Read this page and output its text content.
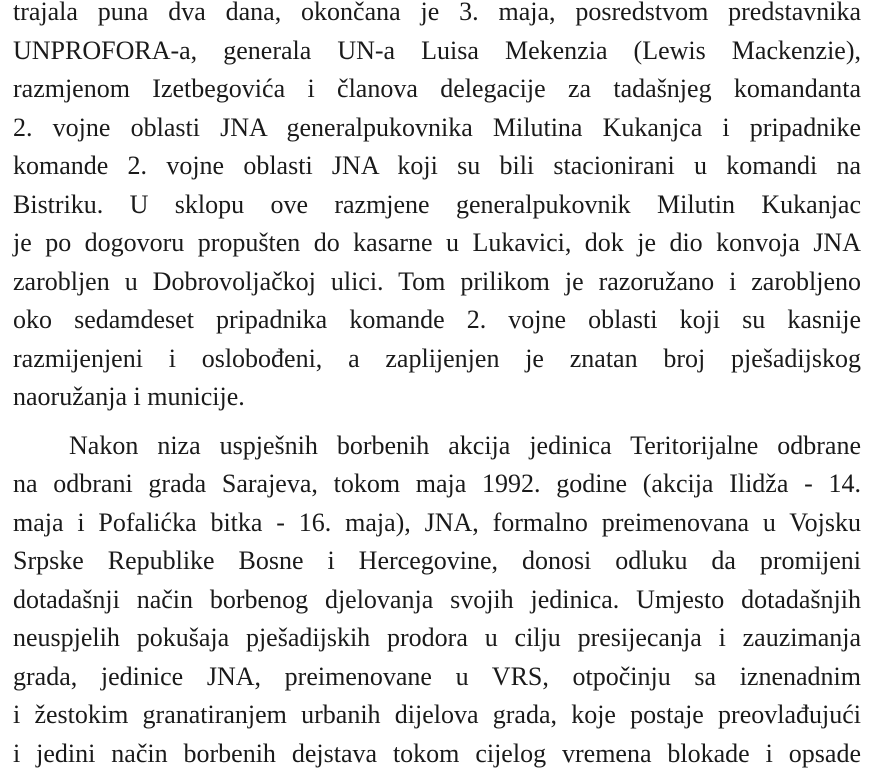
trajala puna dva dana, okončana je 3. maja, posredstvom predstavnika
UNPROFORA-a, generala UN-a Luisa Mekenzia (Lewis Mackenzie),
razmjenom Izetbegovića i članova delegacije za tadašnjeg komandanta
2. vojne oblasti JNA generalpukovnika Milutina Kukanjca i pripadnike
komande 2. vojne oblasti JNA koji su bili stacionirani u komandi na
Bistriku. U sklopu ove razmjene generalpukovnik Milutin Kukanjac
je po dogovoru propušten do kasarne u Lukavici, dok je dio konvoja JNA
zarobljen u Dobrovoljačkoj ulici. Tom prilikom je razoružano i zarobljeno
oko sedamdeset pripadnika komande 2. vojne oblasti koji su kasnije
razmijenjeni i oslobođeni, a zaplijenjen je znatan broj pješadijskog
naoružanja i municije.
Nakon niza uspješnih borbenih akcija jedinica Teritorijalne odbrane
na odbrani grada Sarajeva, tokom maja 1992. godine (akcija Ilidža - 14.
maja i Pofalićka bitka - 16. maja), JNA, formalno preimenovana u Vojsku
Srpske Republike Bosne i Hercegovine, donosi odluku da promijeni
dotadašnji način borbenog djelovanja svojih jedinica. Umjesto dotadašnjih
neuspjelih pokušaja pješadijskih prodora u cilju presijecanja i zauzimanja
grada, jedinice JNA, preimenovane u VRS, otpočinju sa iznenadnim
i žestokim granatiranjem urbanih dijelova grada, koje postaje preovlađujući
i jedini način borbenih dejstava tokom cijelog vremena blokade i opsade
